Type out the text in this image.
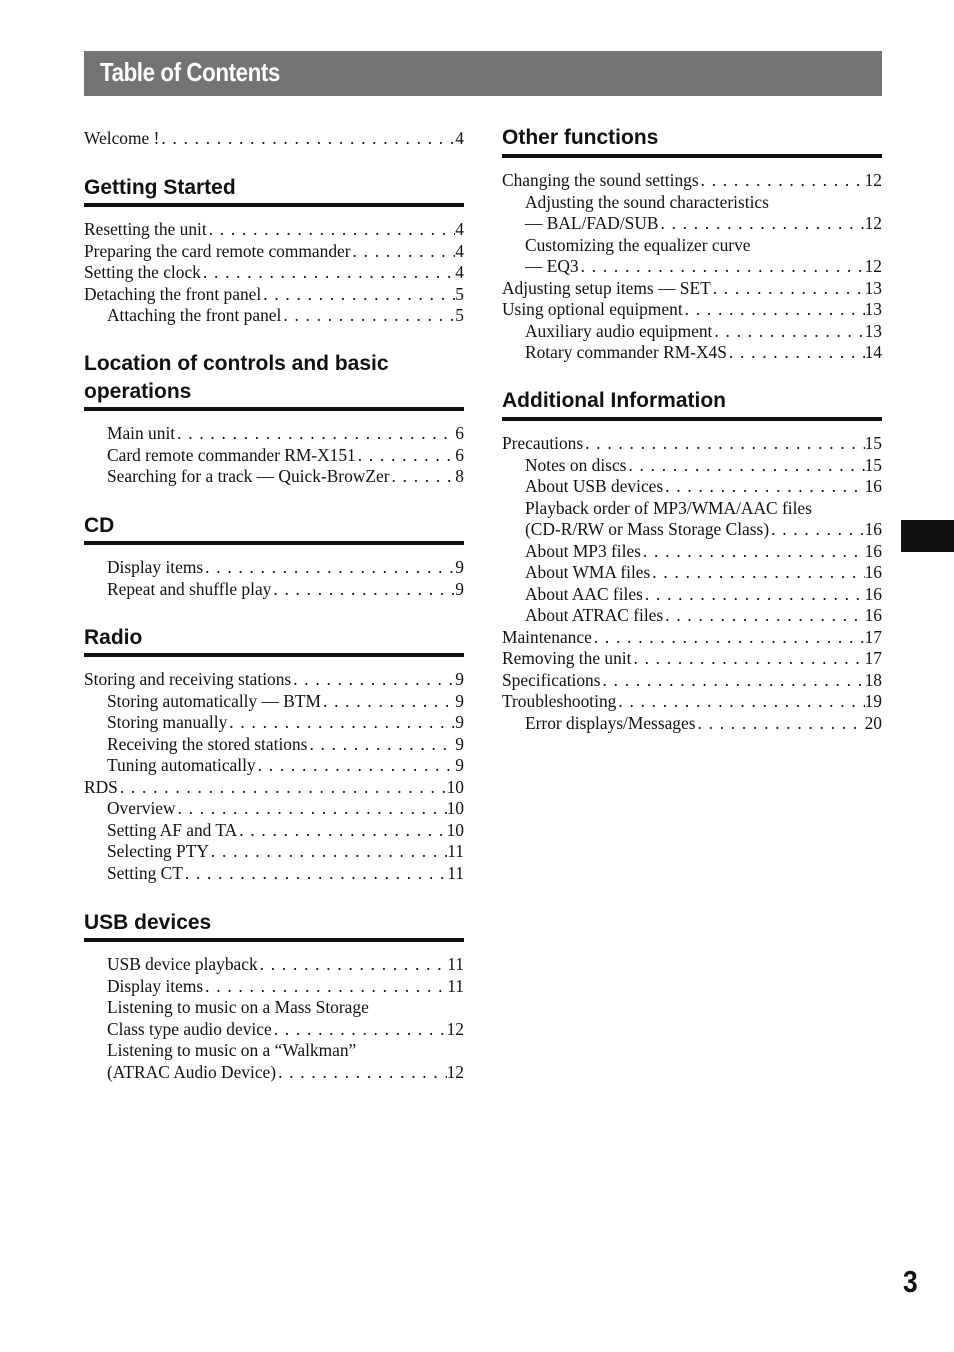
Table of Contents
Welcome ! . . .	4
Getting Started
Resetting the unit . . .	4
Preparing the card remote commander . . .	4
Setting the clock . . .	4
Detaching the front panel . . .	5
Attaching the front panel . . .	5
Location of controls and basic
operations
Main unit . . .	6
Card remote commander RM-X151 . . .	6
Searching for a track — Quick-BrowZer . . .	8
CD
Display items . . .	9
Repeat and shuffle play . . .	9
Radio
Storing and receiving stations . . .	9
Storing automatically — BTM . . .	9
Storing manually . . .	9
Receiving the stored stations . . .	9
Tuning automatically . . .	9
RDS . . .	10
Overview . . .	10
Setting AF and TA . . .	10
Selecting PTY . . .	11
Setting CT . . .	11
USB devices
USB device playback . . .	11
Display items . . .	11
Listening to music on a Mass Storage
Class type audio device . . .	12
Listening to music on a “Walkman”
(ATRAC Audio Device) . . .	12
Other functions
Changing the sound settings . . .	12
Adjusting the sound characteristics
— BAL/FAD/SUB . . .	12
Customizing the equalizer curve
— EQ3 . . .	12
Adjusting setup items — SET . . .	13
Using optional equipment . . .	13
Auxiliary audio equipment . . .	13
Rotary commander RM-X4S . . .	14
Additional Information
Precautions . . .	15
Notes on discs . . .	15
About USB devices . . .	16
Playback order of MP3/WMA/AAC files
(CD-R/RW or Mass Storage Class) . . .	16
About MP3 files . . .	16
About WMA files . . .	16
About AAC files . . .	16
About ATRAC files . . .	16
Maintenance . . .	17
Removing the unit . . .	17
Specifications . . .	18
Troubleshooting . . .	19
Error displays/Messages . . .	20
3
